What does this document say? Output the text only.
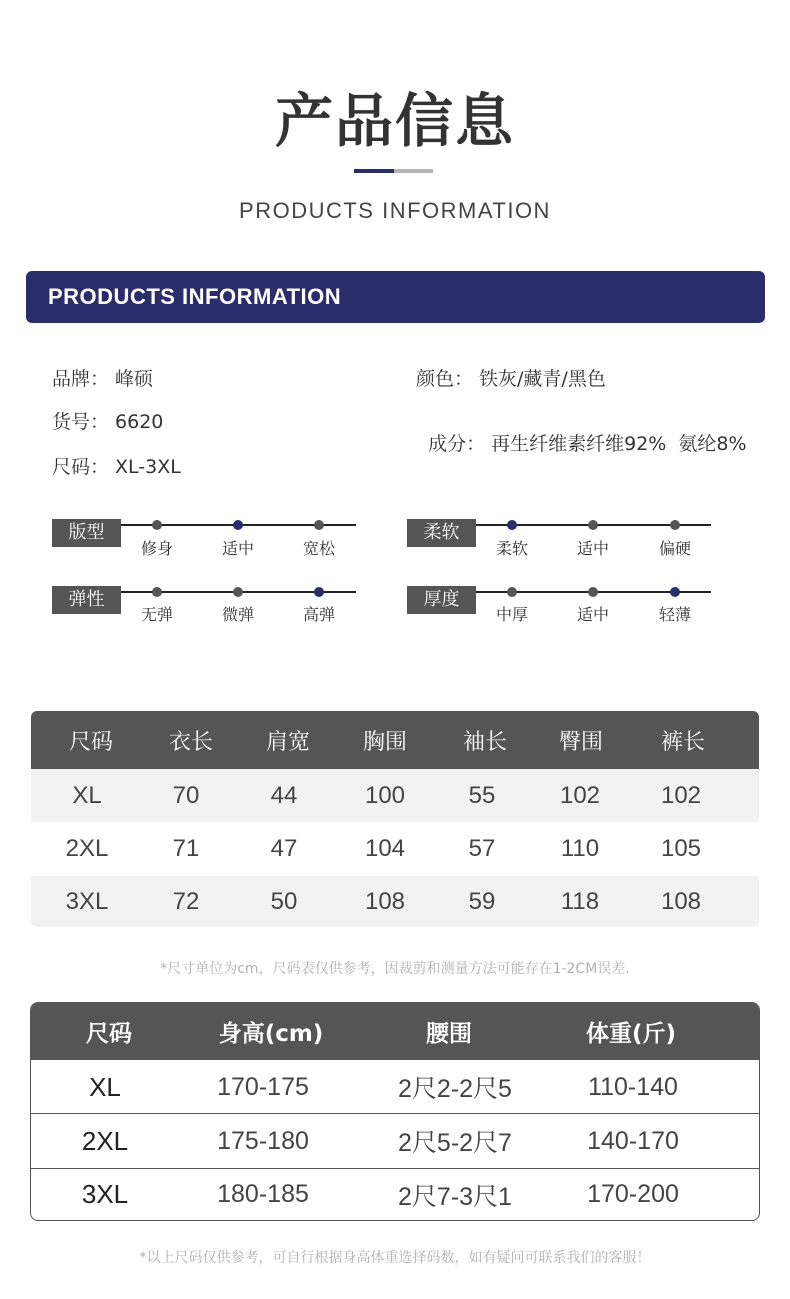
产品信息
PRODUCTS INFORMATION
PRODUCTS INFORMATION
品牌： 峰硕	颜色： 铁灰/藏青/黑色
货号： 6620

成分： 再生纤维素纤维92%  氨纶8%

尺码： XL-3XL
版型
修身	适中	宽松
柔软
柔软	适中	偏硬
弹性
无弹	微弹	高弹
厚度
中厚	适中	轻薄
尺码	衣长	肩宽	胸围	袖长	臀围	裤长
XL	70	44	100	55	102	102
2XL	71	47	104	57	110	105
3XL	72	50	108	59	118	108
*尺寸单位为cm，尺码表仅供参考，因裁剪和测量方法可能存在1-2CM误差.
尺码	身高(cm)	腰围	体重(斤)
XL	170-175	2尺2-2尺5	110-140
2XL	175-180	2尺5-2尺7	140-170
3XL	180-185	2尺7-3尺1	170-200
*以上尺码仅供参考，可自行根据身高体重选择码数，如有疑问可联系我们的客服！
